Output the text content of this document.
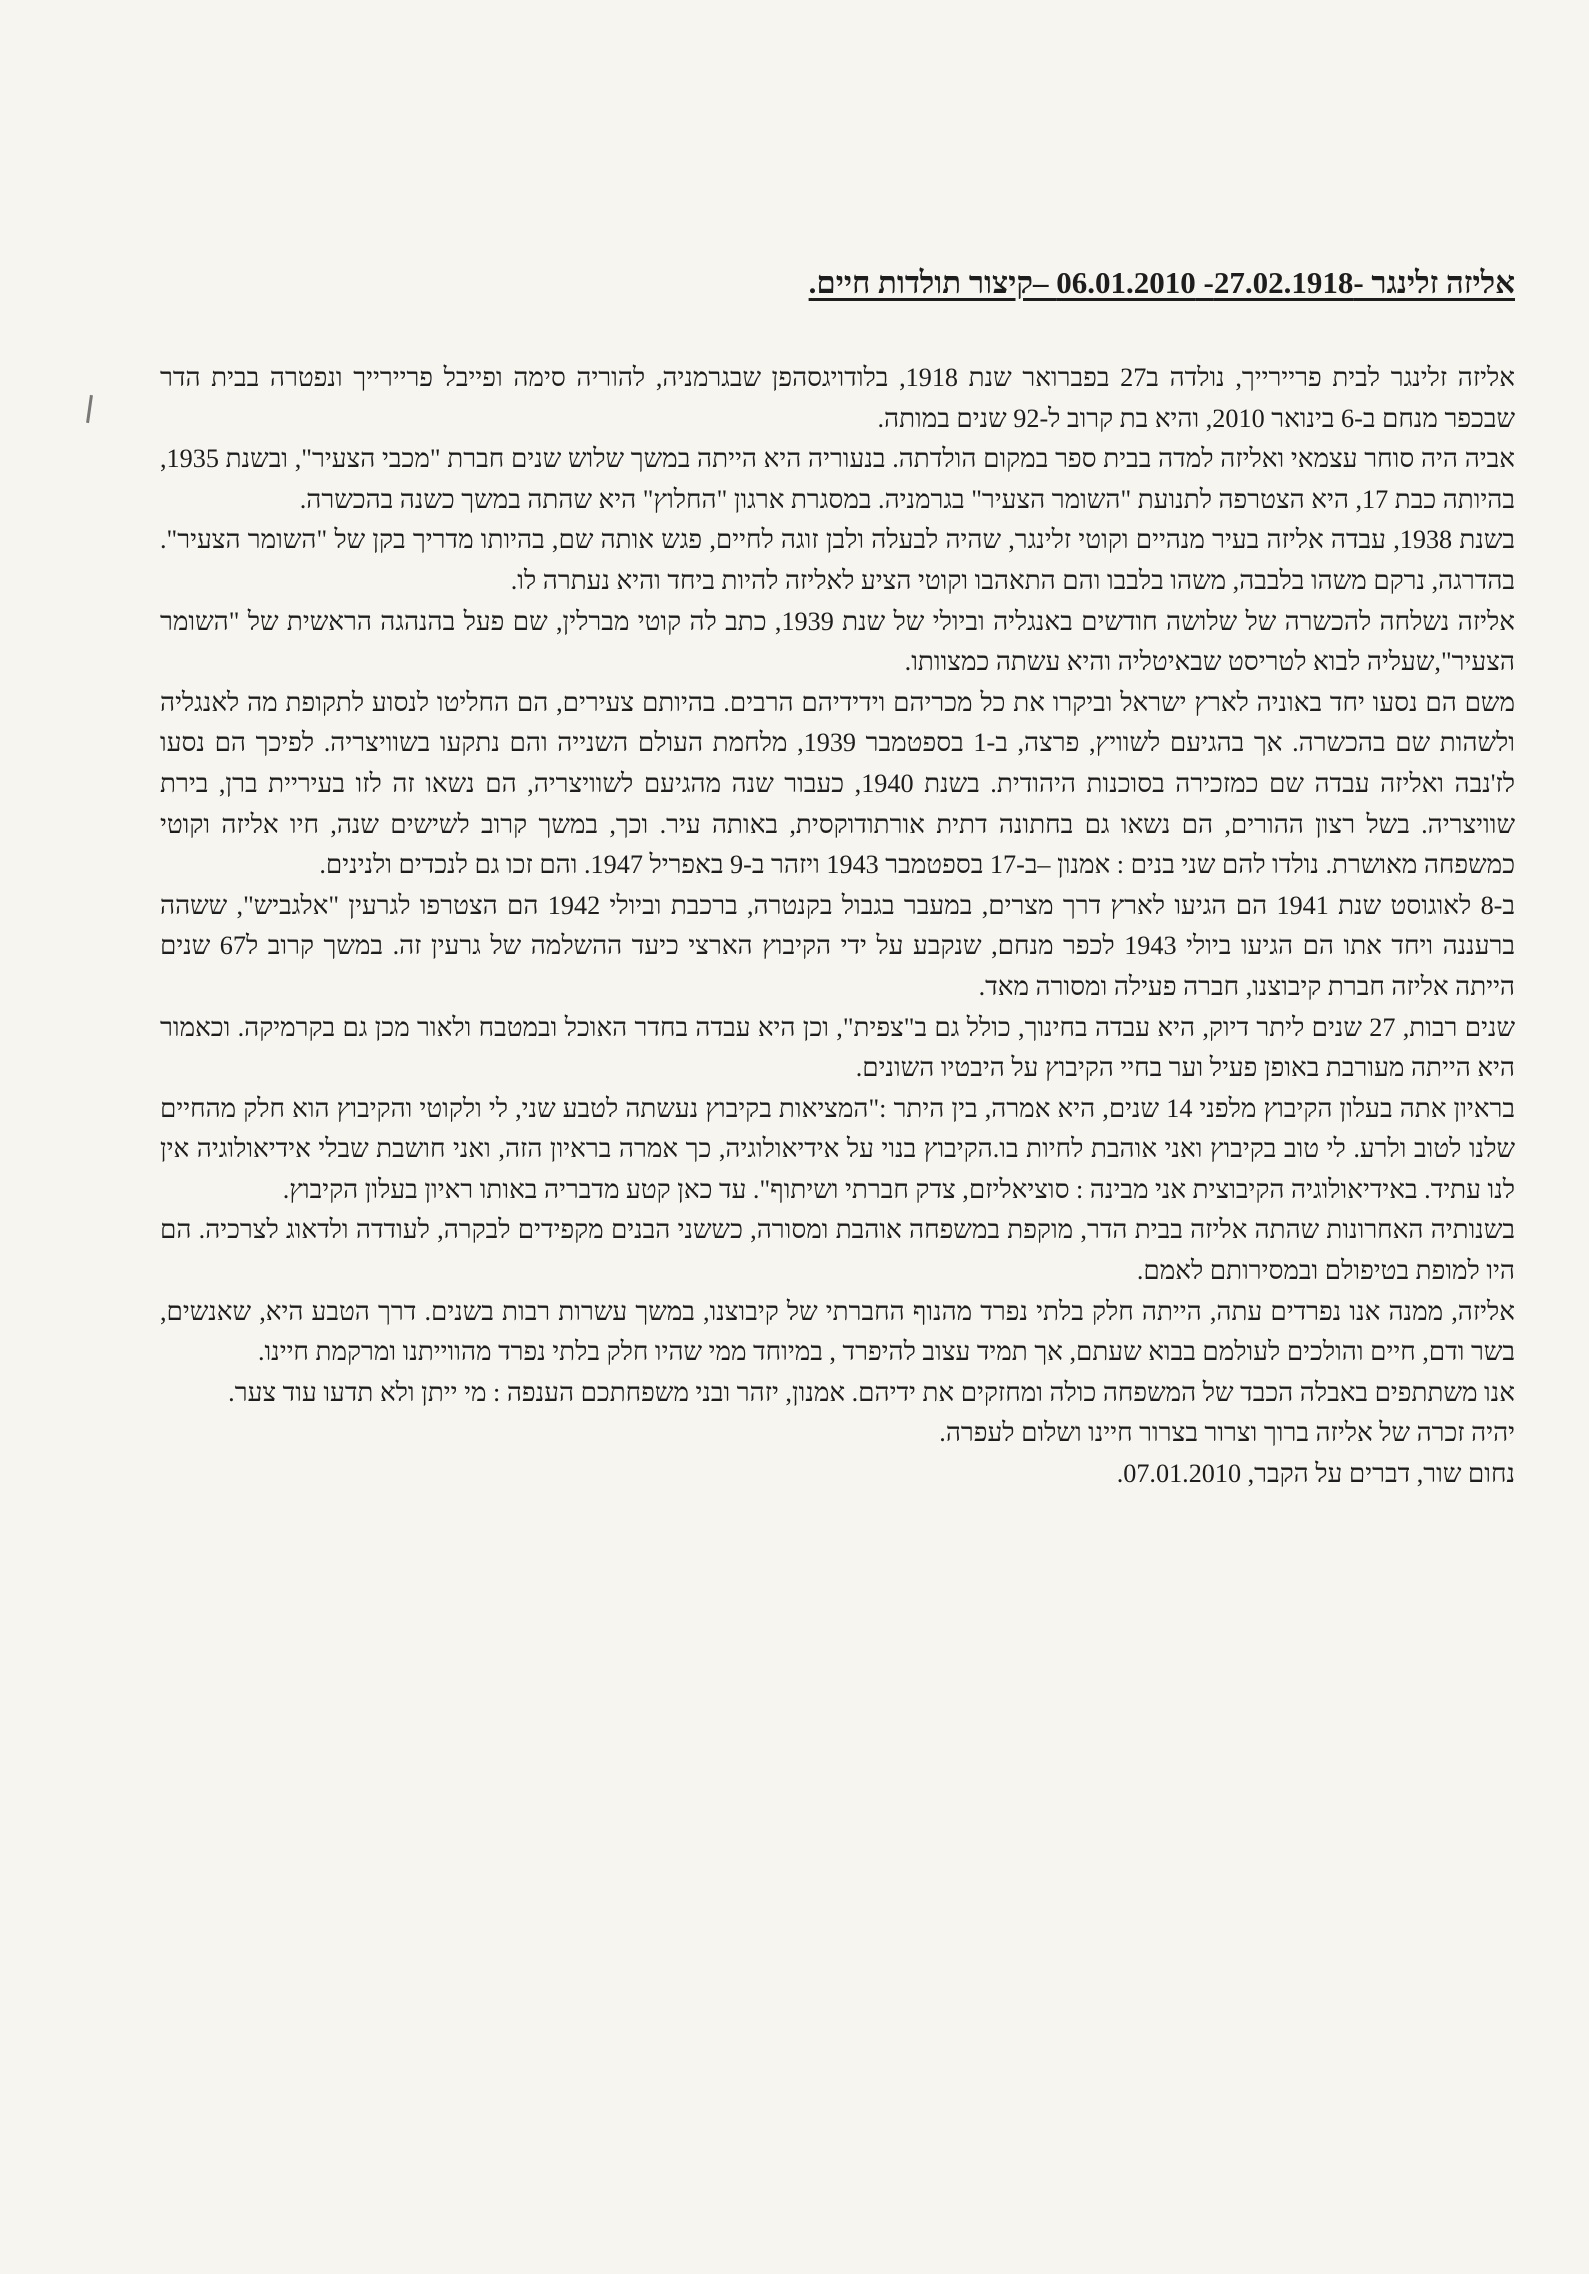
אליזה זלינגר -27.02.1918- 06.01.2010 –קיצור תולדות חיים.

אליזה זלינגר לבית פריירייך, נולדה ב27 בפברואר שנת 1918, בלודויגסהפן שבגרמניה, להוריה סימה ופייבל פריירייך ונפטרה בבית הדר שבכפר מנחם ב-6 בינואר 2010, והיא בת קרוב ל-92 שנים במותה.

אביה היה סוחר עצמאי ואליזה למדה בבית ספר במקום הולדתה. בנעוריה היא הייתה במשך שלוש שנים חברת "מכבי הצעיר", ובשנת 1935, בהיותה כבת 17, היא הצטרפה לתנועת "השומר הצעיר" בגרמניה. במסגרת ארגון "החלוץ" היא שהתה במשך כשנה בהכשרה.

בשנת 1938, עבדה אליזה בעיר מנהיים וקוטי זלינגר, שהיה לבעלה ולבן זוגה לחיים, פגש אותה שם, בהיותו מדריך בקן של "השומר הצעיר". בהדרגה, נרקם משהו בלבבה, משהו בלבבו והם התאהבו וקוטי הציע לאליזה להיות ביחד והיא נעתרה לו.

אליזה נשלחה להכשרה של שלושה חודשים באנגליה וביולי של שנת 1939, כתב לה קוטי מברלין, שם פעל בהנהגה הראשית של "השומר הצעיר",שעליה לבוא לטריסט שבאיטליה והיא עשתה כמצוותו.

משם הם נסעו יחד באוניה לארץ ישראל וביקרו את כל מכריהם וידידיהם הרבים. בהיותם צעירים, הם החליטו לנסוע לתקופת מה לאנגליה ולשהות שם בהכשרה. אך בהגיעם לשוויץ, פרצה, ב-1 בספטמבר 1939, מלחמת העולם השנייה והם נתקעו בשוויצריה. לפיכך הם נסעו לז'נבה ואליזה עבדה שם כמזכירה בסוכנות היהודית. בשנת 1940, כעבור שנה מהגיעם לשוויצריה, הם נשאו זה לזו בעיריית ברן, בירת שוויצריה. בשל רצון ההורים, הם נשאו גם בחתונה דתית אורתודוקסית, באותה עיר. וכך, במשך קרוב לשישים שנה, חיו אליזה וקוטי כמשפחה מאושרת. נולדו להם שני בנים : אמנון –ב-17 בספטמבר 1943 ויזהר ב-9 באפריל 1947. והם זכו גם לנכדים ולנינים.

ב-8 לאוגוסט שנת 1941 הם הגיעו לארץ דרך מצרים, במעבר בגבול בקנטרה, ברכבת וביולי 1942 הם הצטרפו לגרעין "אלגביש", ששהה ברעננה ויחד אתו הם הגיעו ביולי 1943 לכפר מנחם, שנקבע על ידי הקיבוץ הארצי כיעד ההשלמה של גרעין זה. במשך קרוב ל67 שנים הייתה אליזה חברת קיבוצנו, חברה פעילה ומסורה מאד.

שנים רבות, 27 שנים ליתר דיוק, היא עבדה בחינוך, כולל גם ב"צפית", וכן היא עבדה בחדר האוכל ובמטבח ולאור מכן גם בקרמיקה. וכאמור היא הייתה מעורבת באופן פעיל וער בחיי הקיבוץ על היבטיו השונים.

בראיון אתה בעלון הקיבוץ מלפני 14 שנים, היא אמרה, בין היתר :"המציאות בקיבוץ נעשתה לטבע שני, לי ולקוטי והקיבוץ הוא חלק מהחיים שלנו לטוב ולרע. לי טוב בקיבוץ ואני אוהבת לחיות בו.הקיבוץ בנוי על אידיאולוגיה, כך אמרה בראיון הזה, ואני חושבת שבלי אידיאולוגיה אין לנו עתיד. באידיאולוגיה הקיבוצית אני מבינה : סוציאליזם, צדק חברתי ושיתוף". עד כאן קטע מדבריה באותו ראיון בעלון הקיבוץ.

בשנותיה האחרונות שהתה אליזה בבית הדר, מוקפת במשפחה אוהבת ומסורה, כששני הבנים מקפידים לבקרה, לעודדה ולדאוג לצרכיה. הם היו למופת בטיפולם ובמסירותם לאמם.

אליזה, ממנה אנו נפרדים עתה, הייתה חלק בלתי נפרד מהנוף החברתי של קיבוצנו, במשך עשרות רבות בשנים. דרך הטבע היא, שאנשים, בשר ודם, חיים והולכים לעולמם בבוא שעתם, אך תמיד עצוב להיפרד , במיוחד ממי שהיו חלק בלתי נפרד מהווייתנו ומרקמת חיינו.

אנו משתתפים באבלה הכבד של המשפחה כולה ומחזקים את ידיהם. אמנון, יזהר ובני משפחתכם הענפה : מי ייתן ולא תדעו עוד צער.

יהיה זכרה של אליזה ברוך וצרור בצרור חיינו ושלום לעפרה.

נחום שור, דברים על הקבר, 07.01.2010.
